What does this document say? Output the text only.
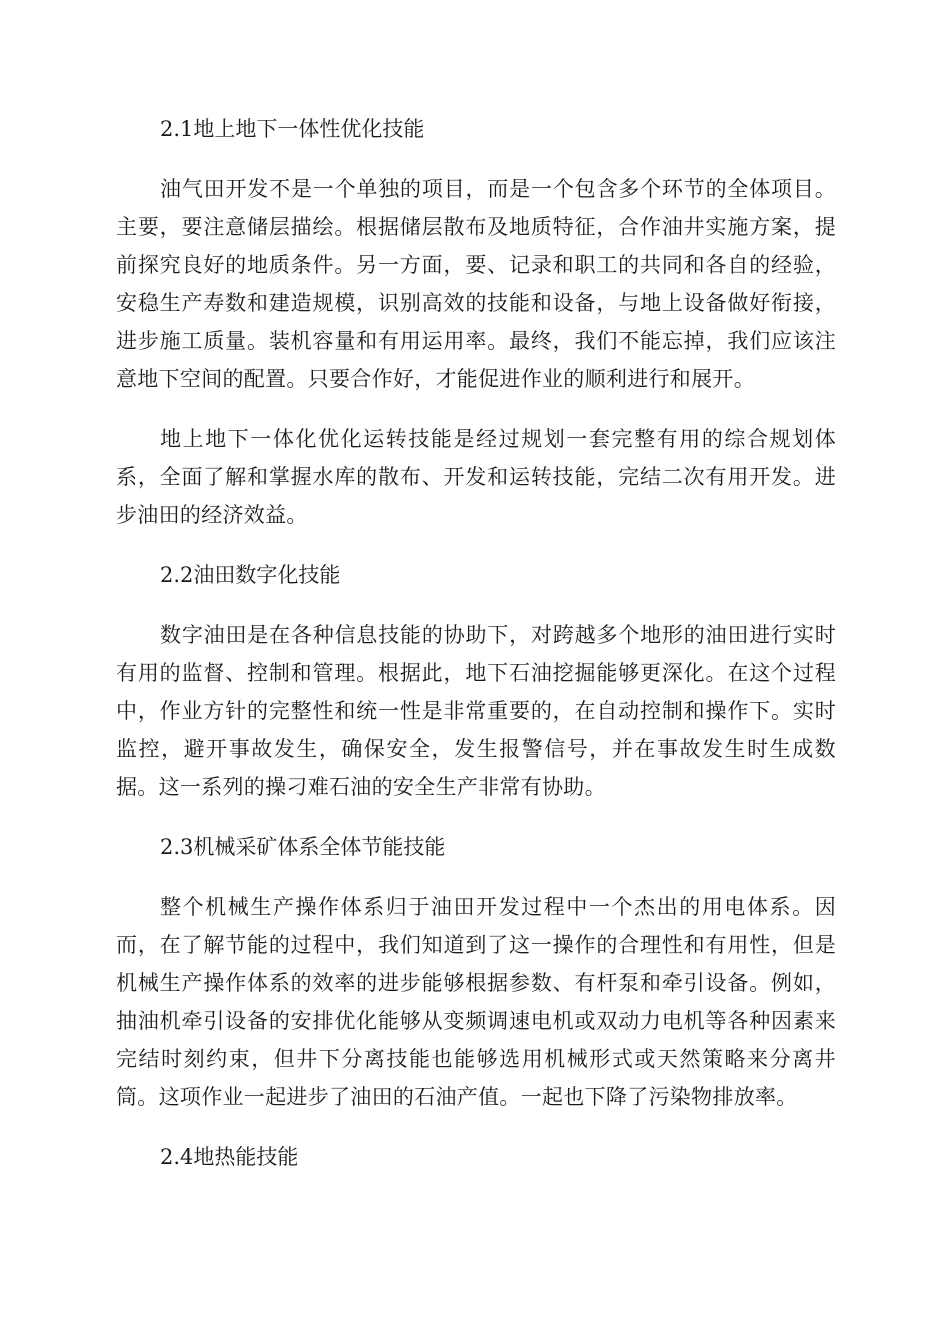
2.1地上地下一体性优化技能

油气田开发不是一个单独的项目，而是一个包含多个环节的全体项目。主要，要注意储层描绘。根据储层散布及地质特征，合作油井实施方案，提前探究良好的地质条件。另一方面，要、记录和职工的共同和各自的经验，安稳生产寿数和建造规模，识别高效的技能和设备，与地上设备做好衔接，进步施工质量。装机容量和有用运用率。最终，我们不能忘掉，我们应该注意地下空间的配置。只要合作好，才能促进作业的顺利进行和展开。

地上地下一体化优化运转技能是经过规划一套完整有用的综合规划体系，全面了解和掌握水库的散布、开发和运转技能，完结二次有用开发。进步油田的经济效益。

2.2油田数字化技能

数字油田是在各种信息技能的协助下，对跨越多个地形的油田进行实时有用的监督、控制和管理。根据此，地下石油挖掘能够更深化。在这个过程中，作业方针的完整性和统一性是非常重要的，在自动控制和操作下。实时监控，避开事故发生，确保安全，发生报警信号，并在事故发生时生成数据。这一系列的操刁难石油的安全生产非常有协助。

2.3机械采矿体系全体节能技能

整个机械生产操作体系归于油田开发过程中一个杰出的用电体系。因而，在了解节能的过程中，我们知道到了这一操作的合理性和有用性，但是机械生产操作体系的效率的进步能够根据参数、有杆泵和牵引设备。例如，抽油机牵引设备的安排优化能够从变频调速电机或双动力电机等各种因素来完结时刻约束，但井下分离技能也能够选用机械形式或天然策略来分离井筒。这项作业一起进步了油田的石油产值。一起也下降了污染物排放率。

2.4地热能技能
